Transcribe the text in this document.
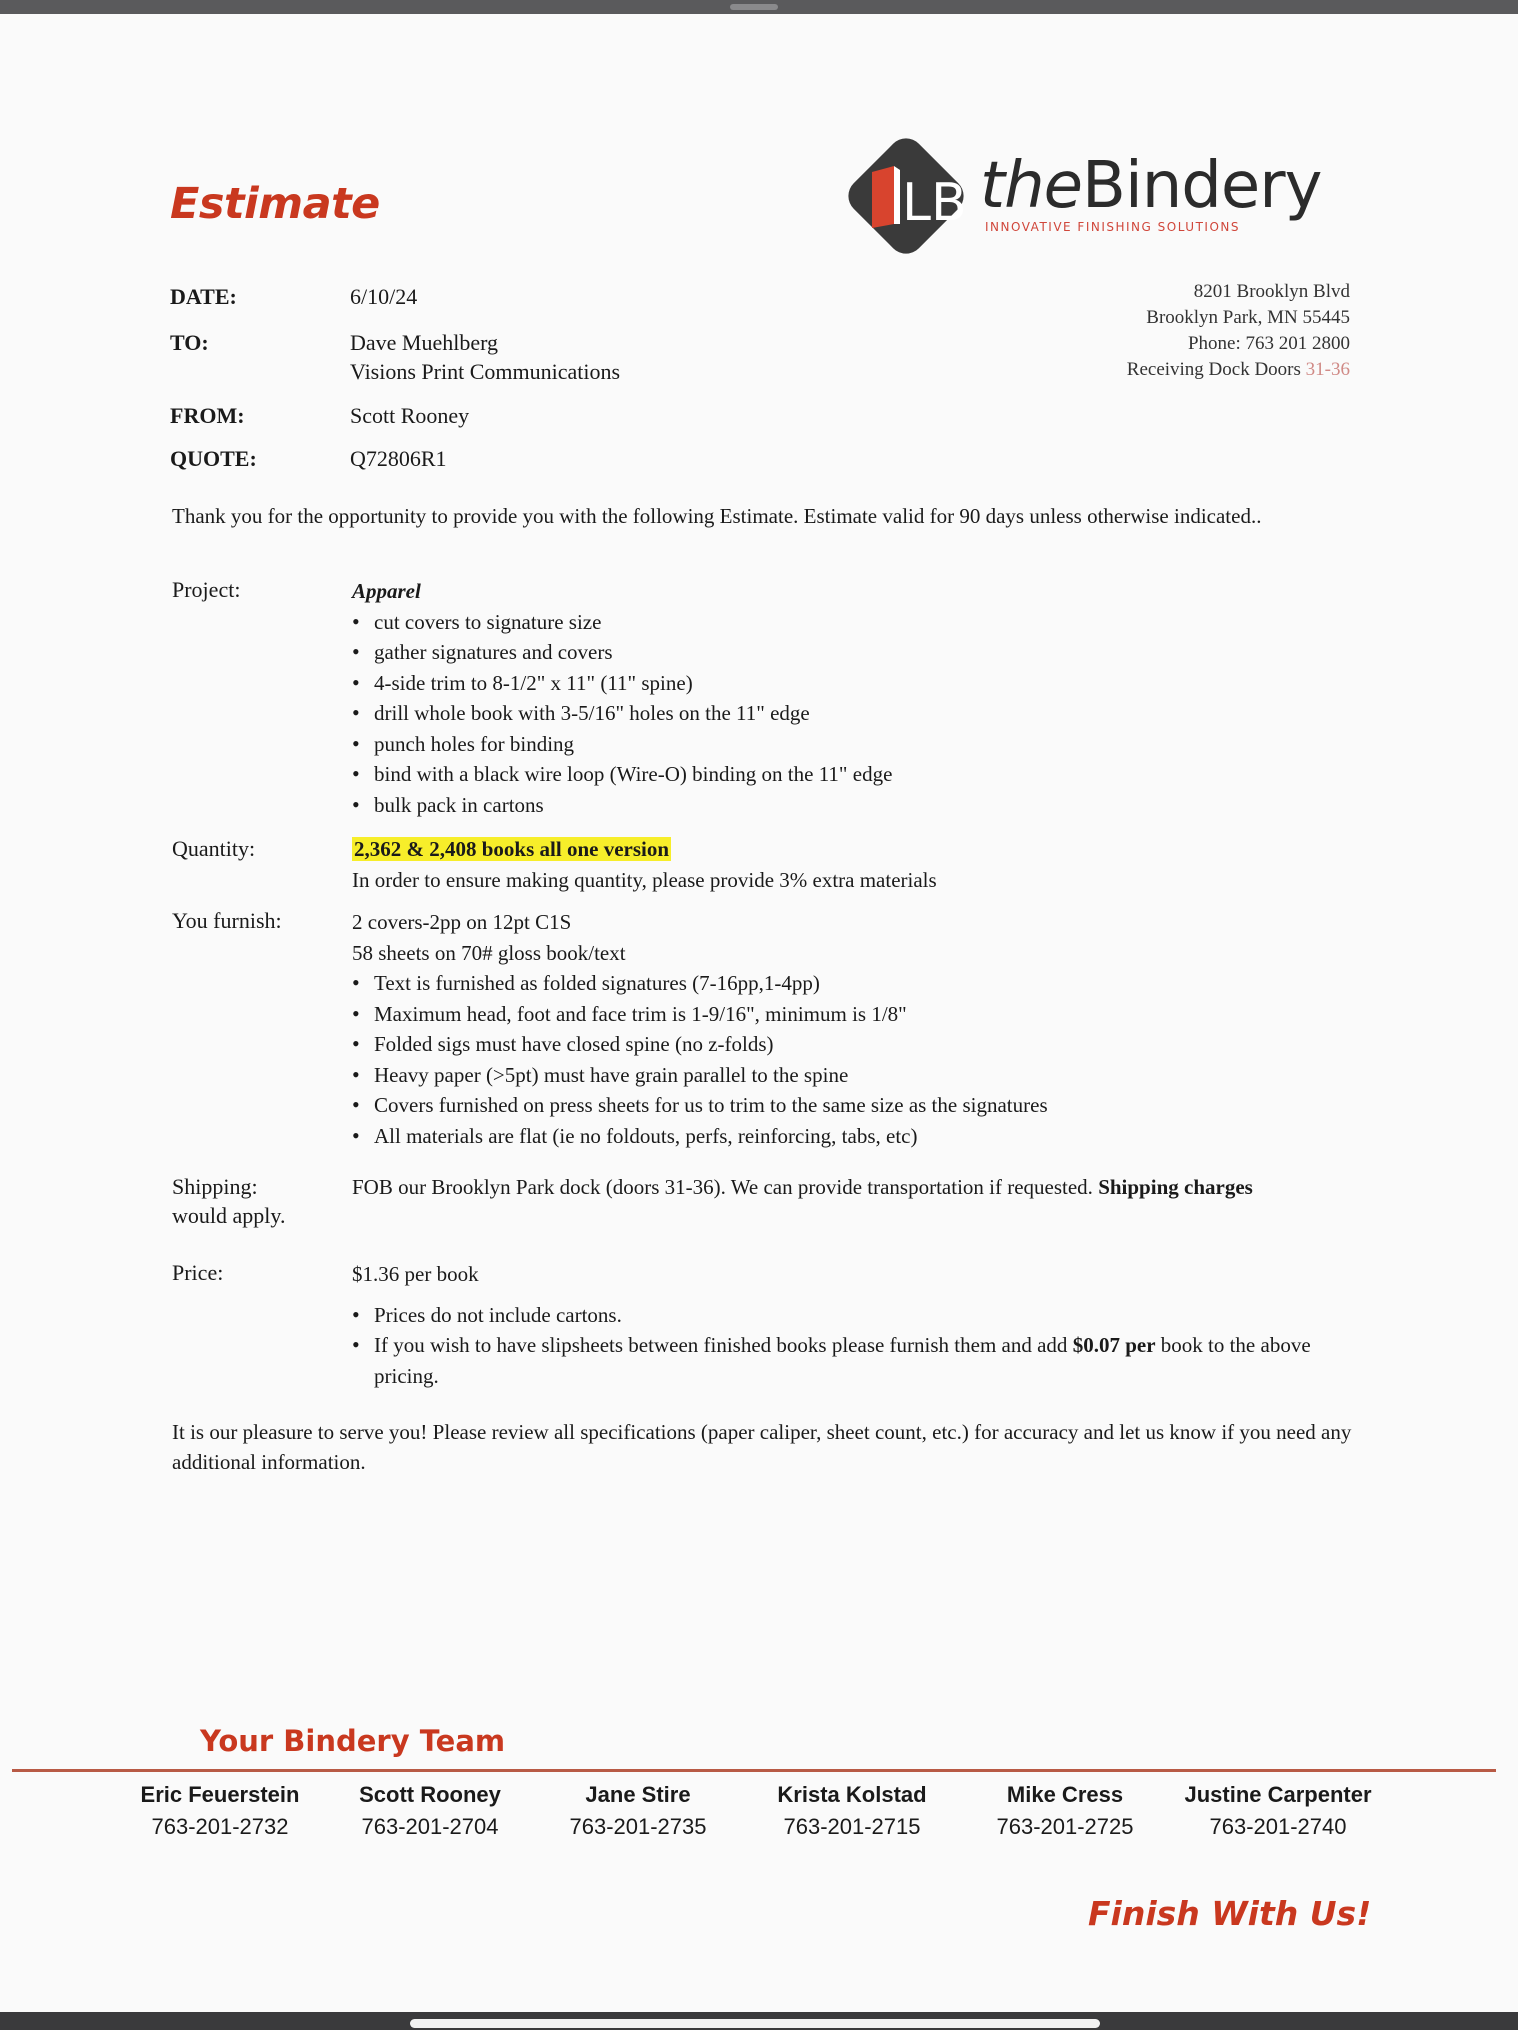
Estimate	LB theBindery
INNOVATIVE FINISHING SOLUTIONS
8201 Brooklyn Blvd
Brooklyn Park, MN 55445
Phone: 763 201 2800
Receiving Dock Doors 31-36
DATE:	6/10/24
TO:	Dave Muehlberg
Visions Print Communications
FROM:	Scott Rooney
QUOTE:	Q72806R1
Thank you for the opportunity to provide you with the following Estimate. Estimate valid for 90 days unless otherwise indicated..
Project:	Apparel
• cut covers to signature size
• gather signatures and covers
• 4-side trim to 8-1/2" x 11" (11" spine)
• drill whole book with 3-5/16" holes on the 11" edge
• punch holes for binding
• bind with a black wire loop (Wire-O) binding on the 11" edge
• bulk pack in cartons
Quantity:	2,362 & 2,408 books all one version
In order to ensure making quantity, please provide 3% extra materials
You furnish:	2 covers-2pp on 12pt C1S
58 sheets on 70# gloss book/text
• Text is furnished as folded signatures (7-16pp,1-4pp)
• Maximum head, foot and face trim is 1-9/16", minimum is 1/8"
• Folded sigs must have closed spine (no z-folds)
• Heavy paper (>5pt) must have grain parallel to the spine
• Covers furnished on press sheets for us to trim to the same size as the signatures
• All materials are flat (ie no foldouts, perfs, reinforcing, tabs, etc)
Shipping:	FOB our Brooklyn Park dock (doors 31-36). We can provide transportation if requested. Shipping charges
would apply.
Price:	$1.36 per book
• Prices do not include cartons.
• If you wish to have slipsheets between finished books please furnish them and add $0.07 per book to the above pricing.
It is our pleasure to serve you! Please review all specifications (paper caliper, sheet count, etc.) for accuracy and let us know if you need any additional information.
Your Bindery Team
Eric Feuerstein
763-201-2732
Scott Rooney
763-201-2704
Jane Stire
763-201-2735
Krista Kolstad
763-201-2715
Mike Cress
763-201-2725
Justine Carpenter
763-201-2740
Finish With Us!
